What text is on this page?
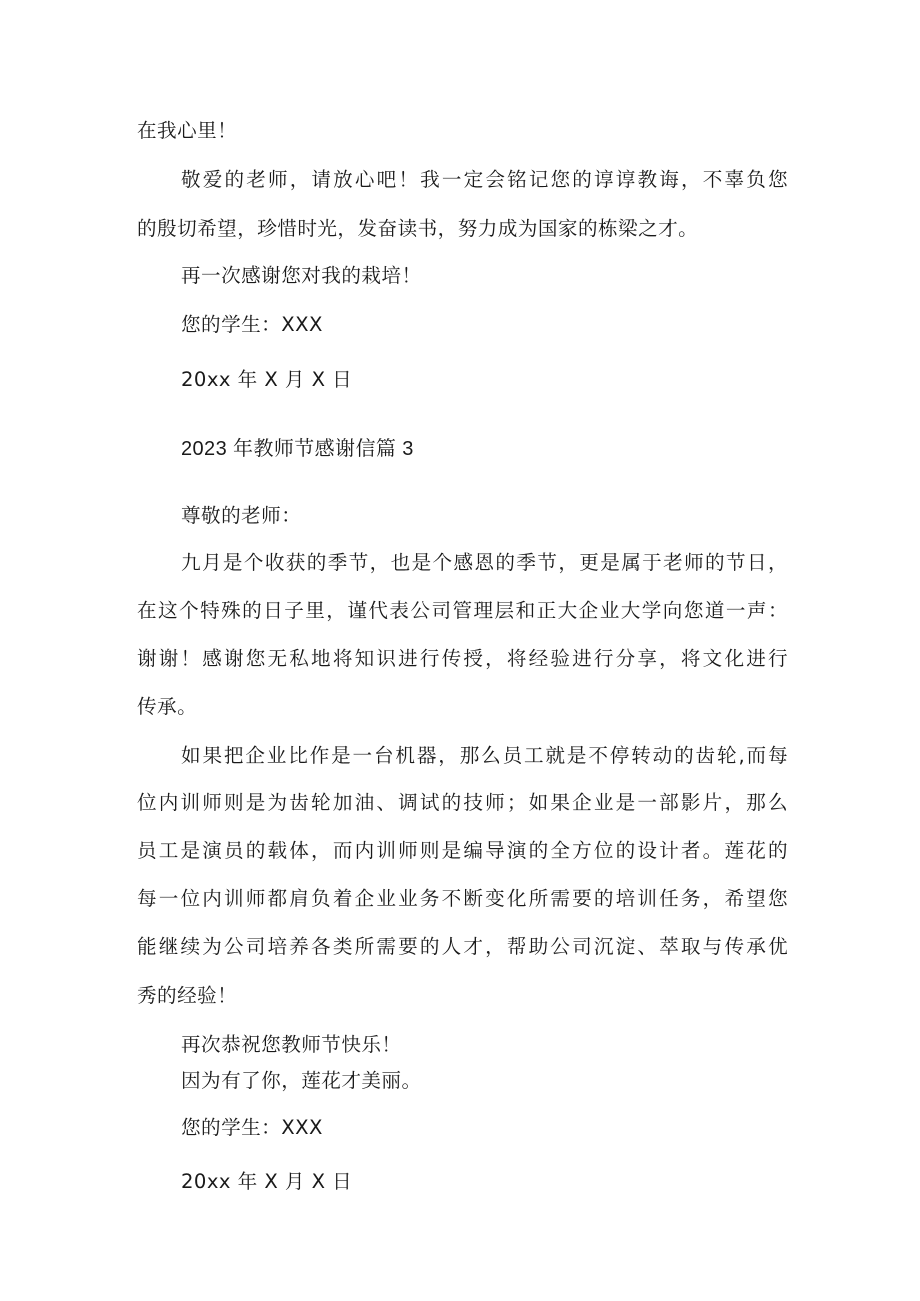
在我心里！

敬爱的老师，请放心吧！我一定会铭记您的谆谆教诲，不辜负您

的殷切希望，珍惜时光，发奋读书，努力成为国家的栋梁之才。

再一次感谢您对我的栽培！

您的学生：XXX

20xx 年 X 月 X 日

2023 年教师节感谢信篇 3

尊敬的老师：

九月是个收获的季节，也是个感恩的季节，更是属于老师的节日，

在这个特殊的日子里，谨代表公司管理层和正大企业大学向您道一声：

谢谢！感谢您无私地将知识进行传授，将经验进行分享，将文化进行

传承。

如果把企业比作是一台机器，那么员工就是不停转动的齿轮,而每

位内训师则是为齿轮加油、调试的技师；如果企业是一部影片，那么

员工是演员的载体，而内训师则是编导演的全方位的设计者。莲花的

每一位内训师都肩负着企业业务不断变化所需要的培训任务，希望您

能继续为公司培养各类所需要的人才，帮助公司沉淀、萃取与传承优

秀的经验！

再次恭祝您教师节快乐！

因为有了你，莲花才美丽。

您的学生：XXX

20xx 年 X 月 X 日
